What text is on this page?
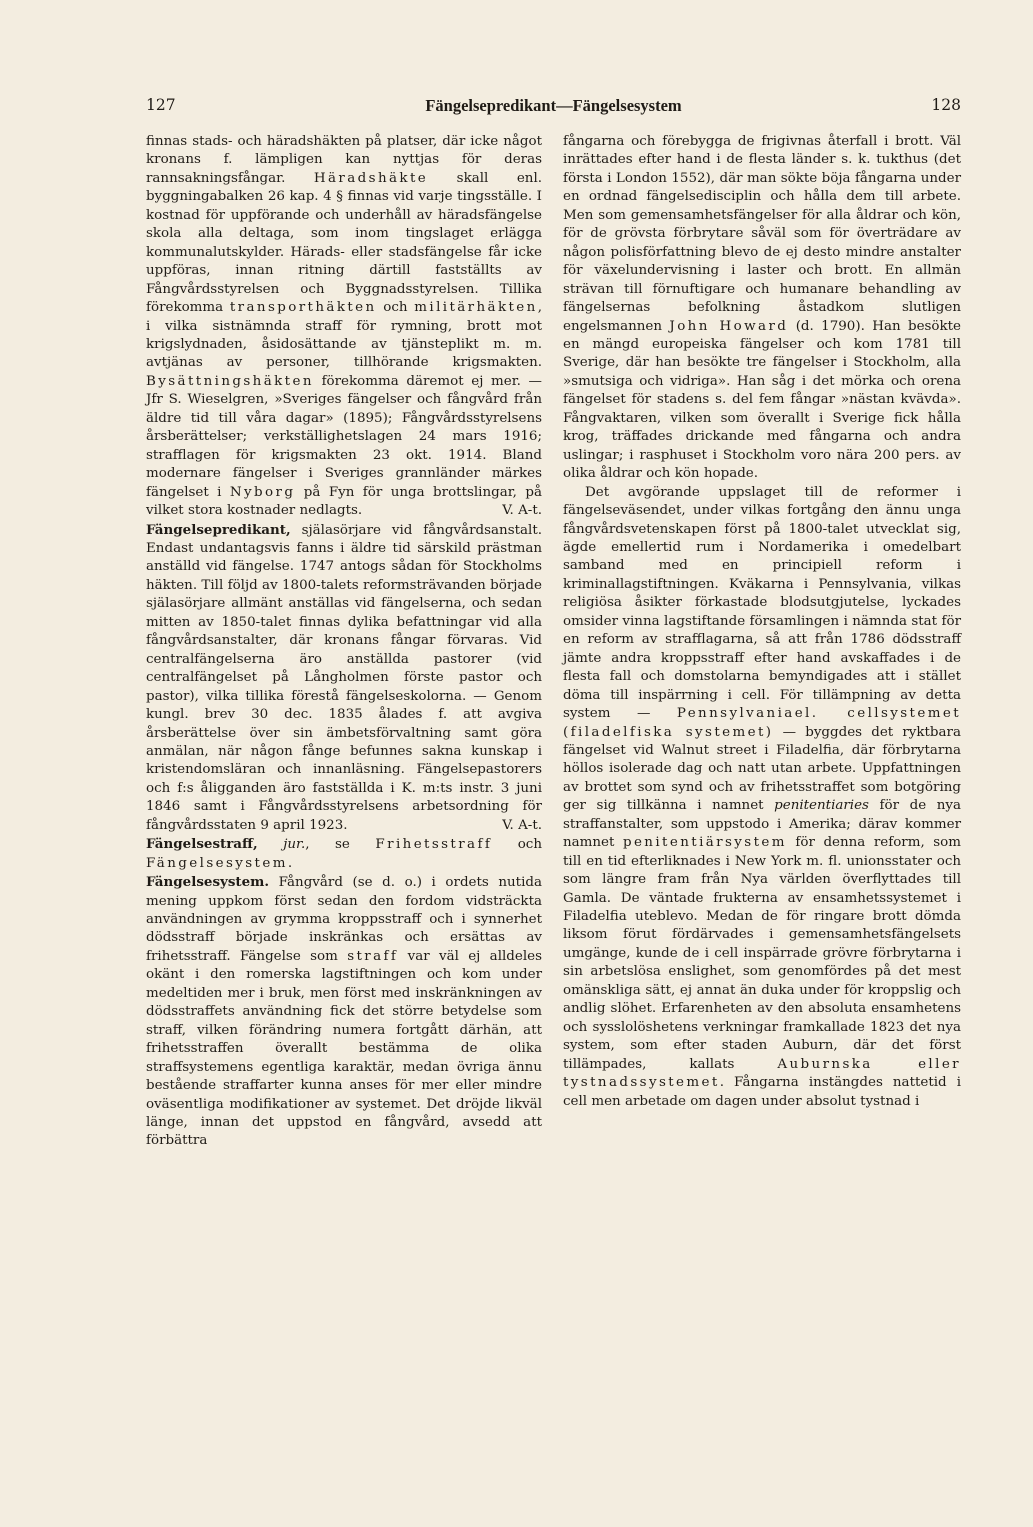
127	Fängelsepredikant—Fängelsesystem	128

finnas stads- och häradshäkten på platser, där icke något kronans f. lämpligen kan nyttjas för deras rannsakningsfångar. Häradshäkte skall enl. byggningabalken 26 kap. 4 § finnas vid varje tingsställe. I kostnad för uppförande och underhåll av häradsfängelse skola alla deltaga, som inom tingslaget erlägga kommunalutskylder. Härads- eller stadsfängelse får icke uppföras, innan ritning därtill fastställts av Fångvårdsstyrelsen och Byggnadsstyrelsen. Tillika förekomma transporthäkten och militärhäkten, i vilka sistnämnda straff för rymning, brott mot krigslydnaden, åsidosättande av tjänsteplikt m. m. avtjänas av personer, tillhörande krigsmakten. Bysättningshäkten förekomma däremot ej mer. — Jfr S. Wieselgren, »Sveriges fängelser och fångvård från äldre tid till våra dagar» (1895); Fångvårdsstyrelsens årsberättelser; verkställighetslagen 24 mars 1916; strafflagen för krigsmakten 23 okt. 1914. Bland modernare fängelser i Sveriges grannländer märkes fängelset i Nyborg på Fyn för unga brottslingar, på vilket stora kostnader nedlagts.	V. A-t.

Fängelsepredikant, själasörjare vid fångvårdsanstalt. Endast undantagsvis fanns i äldre tid särskild prästman anställd vid fängelse. 1747 antogs sådan för Stockholms häkten. Till följd av 1800-talets reformsträvanden började själasörjare allmänt anställas vid fängelserna, och sedan mitten av 1850-talet finnas dylika befattningar vid alla fångvårdsanstalter, där kronans fångar förvaras. Vid centralfängelserna äro anställda pastorer (vid centralfängelset på Långholmen förste pastor och pastor), vilka tillika förestå fängelseskolorna. — Genom kungl. brev 30 dec. 1835 ålades f. att avgiva årsberättelse över sin ämbetsförvaltning samt göra anmälan, när någon fånge befunnes sakna kunskap i kristendomsläran och innanläsning. Fängelsepastorers och f:s åligganden äro fastställda i K. m:ts instr. 3 juni 1846 samt i Fångvårdsstyrelsens arbetsordning för fångvårdsstaten 9 april 1923.	V. A-t.

Fängelsestraff, jur., se Frihetsstraff och Fängelsesystem.

Fängelsesystem. Fångvård (se d. o.) i ordets nutida mening uppkom först sedan den fordom vidsträckta användningen av grymma kroppsstraff och i synnerhet dödsstraff började inskränkas och ersättas av frihetsstraff. Fängelse som straff var väl ej alldeles okänt i den romerska lagstiftningen och kom under medeltiden mer i bruk, men först med inskränkningen av dödsstraffets användning fick det större betydelse som straff, vilken förändring numera fortgått därhän, att frihetsstraffen överallt bestämma de olika straffsystemens egentliga karaktär, medan övriga ännu bestående straffarter kunna anses för mer eller mindre oväsentliga modifikationer av systemet. Det dröjde likväl länge, innan det uppstod en fångvård, avsedd att förbättra

fångarna och förebygga de frigivnas återfall i brott. Väl inrättades efter hand i de flesta länder s. k. tukthus (det första i London 1552), där man sökte böja fångarna under en ordnad fängelsedisciplin och hålla dem till arbete. Men som gemensamhetsfängelser för alla åldrar och kön, för de grövsta förbrytare såväl som för överträdare av någon polisförfattning blevo de ej desto mindre anstalter för växelundervisning i laster och brott. En allmän strävan till förnuftigare och humanare behandling av fängelsernas befolkning åstadkom slutligen engelsmannen John Howard (d. 1790). Han besökte en mängd europeiska fängelser och kom 1781 till Sverige, där han besökte tre fängelser i Stockholm, alla »smutsiga och vidriga». Han såg i det mörka och orena fängelset för stadens s. del fem fångar »nästan kvävda». Fångvaktaren, vilken som överallt i Sverige fick hålla krog, träffades drickande med fångarna och andra uslingar; i rasphuset i Stockholm voro nära 200 pers. av olika åldrar och kön hopade.

Det avgörande uppslaget till de reformer i fängelseväsendet, under vilkas fortgång den ännu unga fångvårdsvetenskapen först på 1800-talet utvecklat sig, ägde emellertid rum i Nordamerika i omedelbart samband med en principiell reform i kriminallagstiftningen. Kväkarna i Pennsylvania, vilkas religiösa åsikter förkastade blodsutgjutelse, lyckades omsider vinna lagstiftande församlingen i nämnda stat för en reform av strafflagarna, så att från 1786 dödsstraff jämte andra kroppsstraff efter hand avskaffades i de flesta fall och domstolarna bemyndigades att i stället döma till inspärrning i cell. För tillämpning av detta system — Pennsylvaniael. cellsystemet (filadelfiska systemet) — byggdes det ryktbara fängelset vid Walnut street i Filadelfia, där förbrytarna höllos isolerade dag och natt utan arbete. Uppfattningen av brottet som synd och av frihetsstraffet som botgöring ger sig tillkänna i namnet penitentiaries för de nya straffanstalter, som uppstodo i Amerika; därav kommer namnet penitentiärsystem för denna reform, som till en tid efterliknades i New York m. fl. unionsstater och som längre fram från Nya världen överflyttades till Gamla. De väntade frukterna av ensamhetssystemet i Filadelfia uteblevo. Medan de för ringare brott dömda liksom förut fördärvades i gemensamhetsfängelsets umgänge, kunde de i cell inspärrade grövre förbrytarna i sin arbetslösa enslighet, som genomfördes på det mest omänskliga sätt, ej annat än duka under för kroppslig och andlig slöhet. Erfarenheten av den absoluta ensamhetens och sysslolöshetens verkningar framkallade 1823 det nya system, som efter staden Auburn, där det först tillämpades, kallats	Auburnska eller tystnadssystemet. Fångarna instängdes nattetid i cell men arbetade om dagen under absolut tystnad i
